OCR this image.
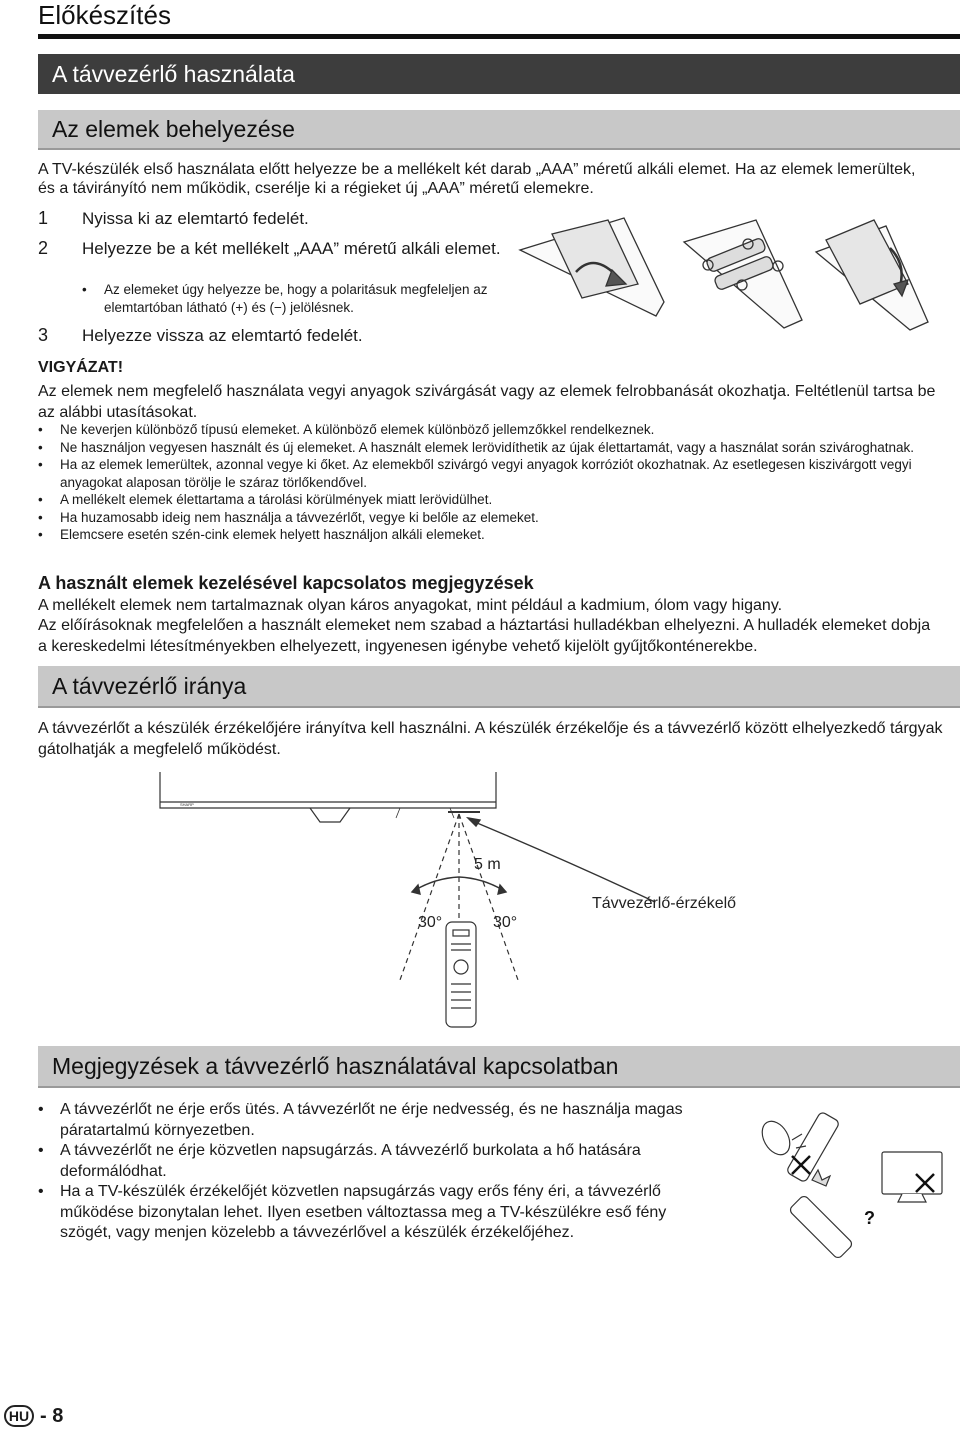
Előkészítés
A távvezérlő használata
Az elemek behelyezése
A TV-készülék első használata előtt helyezze be a mellékelt két darab „AAA” méretű alkáli elemet. Ha az elemek lemerültek, és a távirányító nem működik, cserélje ki a régieket új „AAA” méretű elemekre.
1 Nyissa ki az elemtartó fedelét.
2 Helyezze be a két mellékelt „AAA” méretű alkáli elemet.
• Az elemeket úgy helyezze be, hogy a polaritásuk megfeleljen az elemtartóban látható (+) és (−) jelölésnek.
3 Helyezze vissza az elemtartó fedelét.
VIGYÁZAT!
Az elemek nem megfelelő használata vegyi anyagok szivárgását vagy az elemek felrobbanását okozhatja. Feltétlenül tartsa be az alábbi utasításokat.
• Ne keverjen különböző típusú elemeket. A különböző elemek különböző jellemzőkkel rendelkeznek.
• Ne használjon vegyesen használt és új elemeket. A használt elemek lerövidíthetik az újak élettartamát, vagy a használat során szivároghatnak.
• Ha az elemek lemerültek, azonnal vegye ki őket. Az elemekből szivárgó vegyi anyagok korróziót okozhatnak. Az esetlegesen kiszivárgott vegyi anyagokat alaposan törölje le száraz törlőkendővel.
• A mellékelt elemek élettartama a tárolási körülmények miatt lerövidülhet.
• Ha huzamosabb ideig nem használja a távvezérlőt, vegye ki belőle az elemeket.
• Elemcsere esetén szén-cink elemek helyett használjon alkáli elemeket.
A használt elemek kezelésével kapcsolatos megjegyzések
A mellékelt elemek nem tartalmaznak olyan káros anyagokat, mint például a kadmium, ólom vagy higany.
Az előírásoknak megfelelően a használt elemeket nem szabad a háztartási hulladékban elhelyezni. A hulladék elemeket dobja a kereskedelmi létesítményekben elhelyezett, ingyenesen igénybe vehető kijelölt gyűjtőkonténerekbe.
A távvezérlő iránya
A távvezérlőt a készülék érzékelőjére irányítva kell használni. A készülék érzékelője és a távvezérlő között elhelyezkedő tárgyak gátolhatják a megfelelő működést.
SHARP
5 m
30°	30°
Távvezérlő-érzékelő
Megjegyzések a távvezérlő használatával kapcsolatban
• A távvezérlőt ne érje erős ütés. A távvezérlőt ne érje nedvesség, és ne használja magas páratartalmú környezetben.
• A távvezérlőt ne érje közvetlen napsugárzás. A távvezérlő burkolata a hő hatására deformálódhat.
• Ha a TV-készülék érzékelőjét közvetlen napsugárzás vagy erős fény éri, a távvezérlő működése bizonytalan lehet. Ilyen esetben változtassa meg a TV-készülékre eső fény szögét, vagy menjen közelebb a távvezérlővel a készülék érzékelőjéhez.
?
HU - 8
